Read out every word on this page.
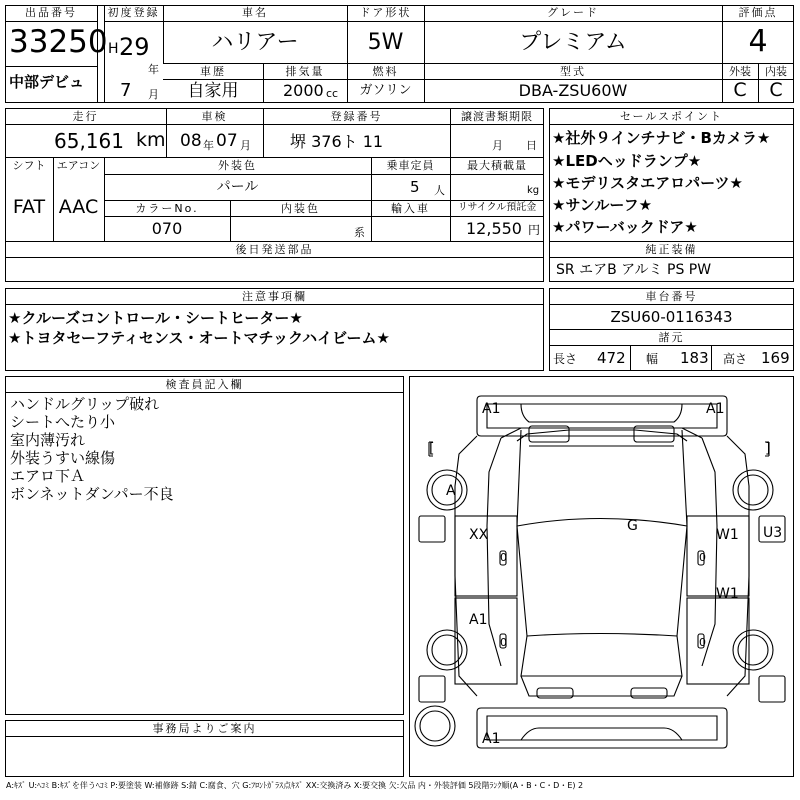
出品番号
33250
中部デビュ
初度登録
H 29
年
7 月
車名
ハリアー
ドア形状
5W
グレード
プレミアム
評価点
4
車歴
自家用
排気量
2000 cc
燃料
ガソリン
型式
DBA-ZSU60W
外装	内装
C	C
走行
65,161 km
車検
08 年 07 月
登録番号
堺 376ト 11
譲渡書類期限
月 日
シフト
FAT
エアコン
AAC
外装色
パール
乗車定員
5 人
最大積載量
kg
カラーNo.
070
内装色
系
輸入車	リサイクル預託金
12,550 円
後日発送部品
セールスポイント
★社外９インチナビ・Bカメラ★
★LEDヘッドランプ★
★モデリスタエアロパーツ★
★サンルーフ★
★パワーバックドア★
純正装備
SR エアB アルミ PS PW
注意事項欄
★クルーズコントロール・シートヒーター★
★トヨタセーフティセンス・オートマチックハイビーム★
車台番号
ZSU60-0116343
諸元
長さ 472 幅 183 高さ 169
検査員記入欄
ハンドルグリップ破れ
シートへたり小
室内薄汚れ
外装うすい線傷
エアロ下Ａ
ボンネットダンパー不良
事務局よりご案内
A1	A1
[	]
A
G
XX	W1 U3
0	0
W1
A1
0	0
A1
A:ｷｽﾞ U:ﾍｺﾐ B:ｷｽﾞを伴うﾍｺﾐ P:要塗装 W:補修跡 S:錆 C:腐食、穴 G:ﾌﾛﾝﾄｶﾞﾗｽ点ｷｽﾞ XX:交換済み X:要交換 欠:欠品 内・外装評価 5段階ﾗﾝｸ順(A・B・C・D・E) 2
